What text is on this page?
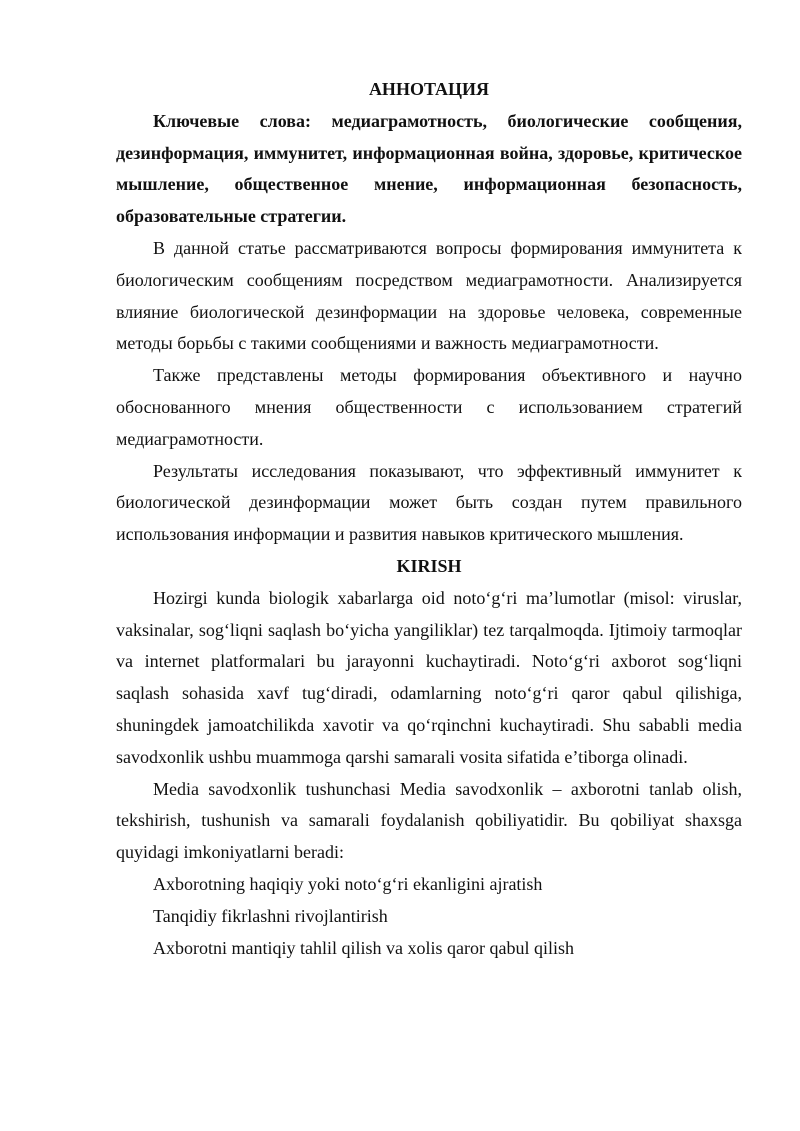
АННОТАЦИЯ

Ключевые слова: медиаграмотность, биологические сообщения, дезинформация, иммунитет, информационная война, здоровье, критическое мышление, общественное мнение, информационная безопасность, образовательные стратегии.

В данной статье рассматриваются вопросы формирования иммунитета к биологическим сообщениям посредством медиаграмотности. Анализируется влияние биологической дезинформации на здоровье человека, современные методы борьбы с такими сообщениями и важность медиаграмотности.

Также представлены методы формирования объективного и научно обоснованного мнения общественности с использованием стратегий медиаграмотности.

Результаты исследования показывают, что эффективный иммунитет к биологической дезинформации может быть создан путем правильного использования информации и развития навыков критического мышления.

KIRISH

Hozirgi kunda biologik xabarlarga oid noto‘g‘ri ma’lumotlar (misol: viruslar, vaksinalar, sog‘liqni saqlash bo‘yicha yangiliklar) tez tarqalmoqda. Ijtimoiy tarmoqlar va internet platformalari bu jarayonni kuchaytiradi. Noto‘g‘ri axborot sog‘liqni saqlash sohasida xavf tug‘diradi, odamlarning noto‘g‘ri qaror qabul qilishiga, shuningdek jamoatchilikda xavotir va qo‘rqinchni kuchaytiradi. Shu sababli media savodxonlik ushbu muammoga qarshi samarali vosita sifatida e’tiborga olinadi.

Media savodxonlik tushunchasi Media savodxonlik – axborotni tanlab olish, tekshirish, tushunish va samarali foydalanish qobiliyatidir. Bu qobiliyat shaxsga quyidagi imkoniyatlarni beradi:

Axborotning haqiqiy yoki noto‘g‘ri ekanligini ajratish

Tanqidiy fikrlashni rivojlantirish

Axborotni mantiqiy tahlil qilish va xolis qaror qabul qilish
